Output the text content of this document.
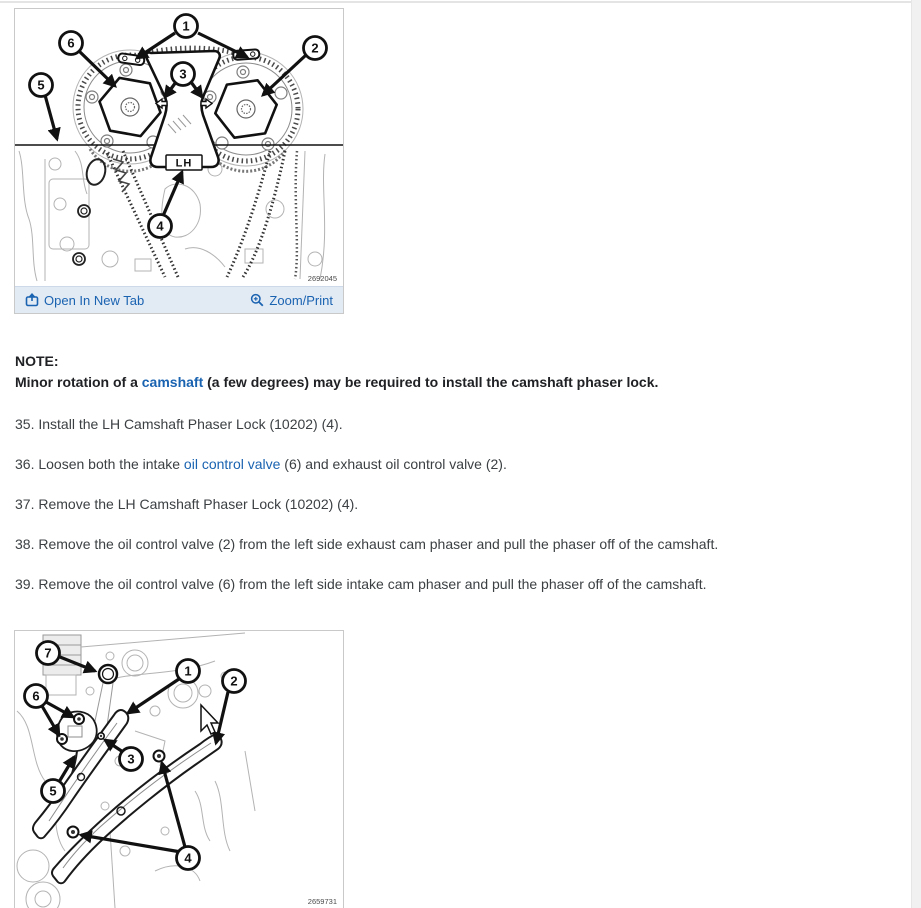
LH
1
2
3
4
5
6
2692045
Open In New Tab	Zoom/Print
NOTE:
Minor rotation of a camshaft (a few degrees) may be required to install the camshaft phaser lock.
35. Install the LH Camshaft Phaser Lock (10202) (4).
36. Loosen both the intake oil control valve (6) and exhaust oil control valve (2).
37. Remove the LH Camshaft Phaser Lock (10202) (4).
38. Remove the oil control valve (2) from the left side exhaust cam phaser and pull the phaser off of the camshaft.
39. Remove the oil control valve (6) from the left side intake cam phaser and pull the phaser off of the camshaft.
7
1
2
6
3
5
4
2659731
